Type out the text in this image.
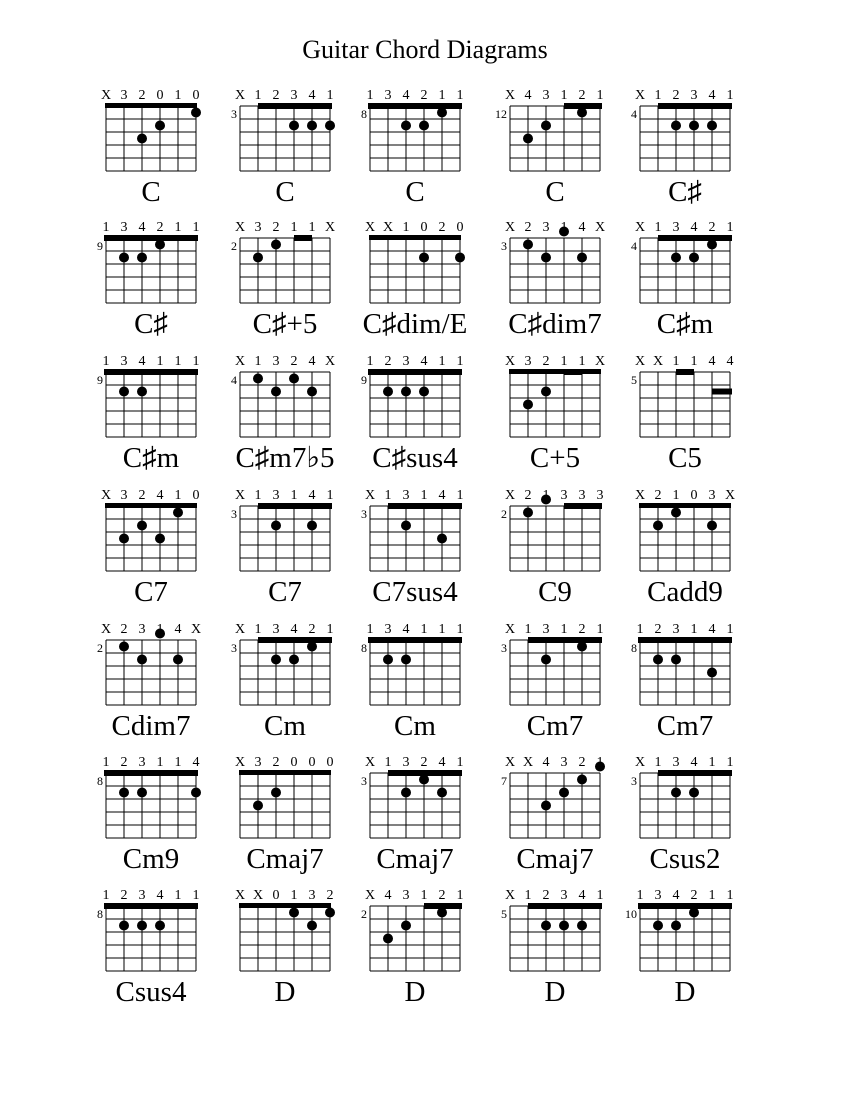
Guitar Chord Diagrams
X 3 2 0 1 0
C
X 1 2 3 4 1
3
C
1 3 4 2 1 1
8
C
X 4 3 1 2 1
12
C
X 1 2 3 4 1
4
C♯
1 3 4 2 1 1
9
C♯
X 3 2 1 1 X
2
C♯+5
X X 1 0 2 0
C♯dim/E
X 2 3 4 X
3
C♯dim7
X 1 3 4 2 1
4
C♯m
1 3 4 1 1 1
9
C♯m
X 1 3 2 4 X
4
C♯m7♭5
1 2 3 4 1 1
9
C♯sus4
X 3 2 1 1 X
C+5
X X 1 1 4 4
5
C5
X 3 2 4 1 0
C7
X 1 3 1 4 1
3
C7
X 1 3 1 4 1
3
C7sus4
X 2 3 3 3
2
C9
X 2 1 0 3 X
Cadd9
X 2 3 4 X
2
Cdim7
X 1 3 4 2 1
3
Cm
1 3 4 1 1 1
8
Cm
X 1 3 1 2 1
3
Cm7
1 2 3 1 4 1
8
Cm7
1 2 3 1 1 4
8
Cm9
X 3 2 0 0 0
Cmaj7
X 1 3 2 4 1
3
Cmaj7
X X 4 3 2
7
Cmaj7
X 1 3 4 1 1
3
Csus2
1 2 3 4 1 1
8
Csus4
X X 0 1 3 2
D
X 4 3 1 2 1
2
D
X 1 2 3 4 1
5
D
1 3 4 2 1 1
10
D
